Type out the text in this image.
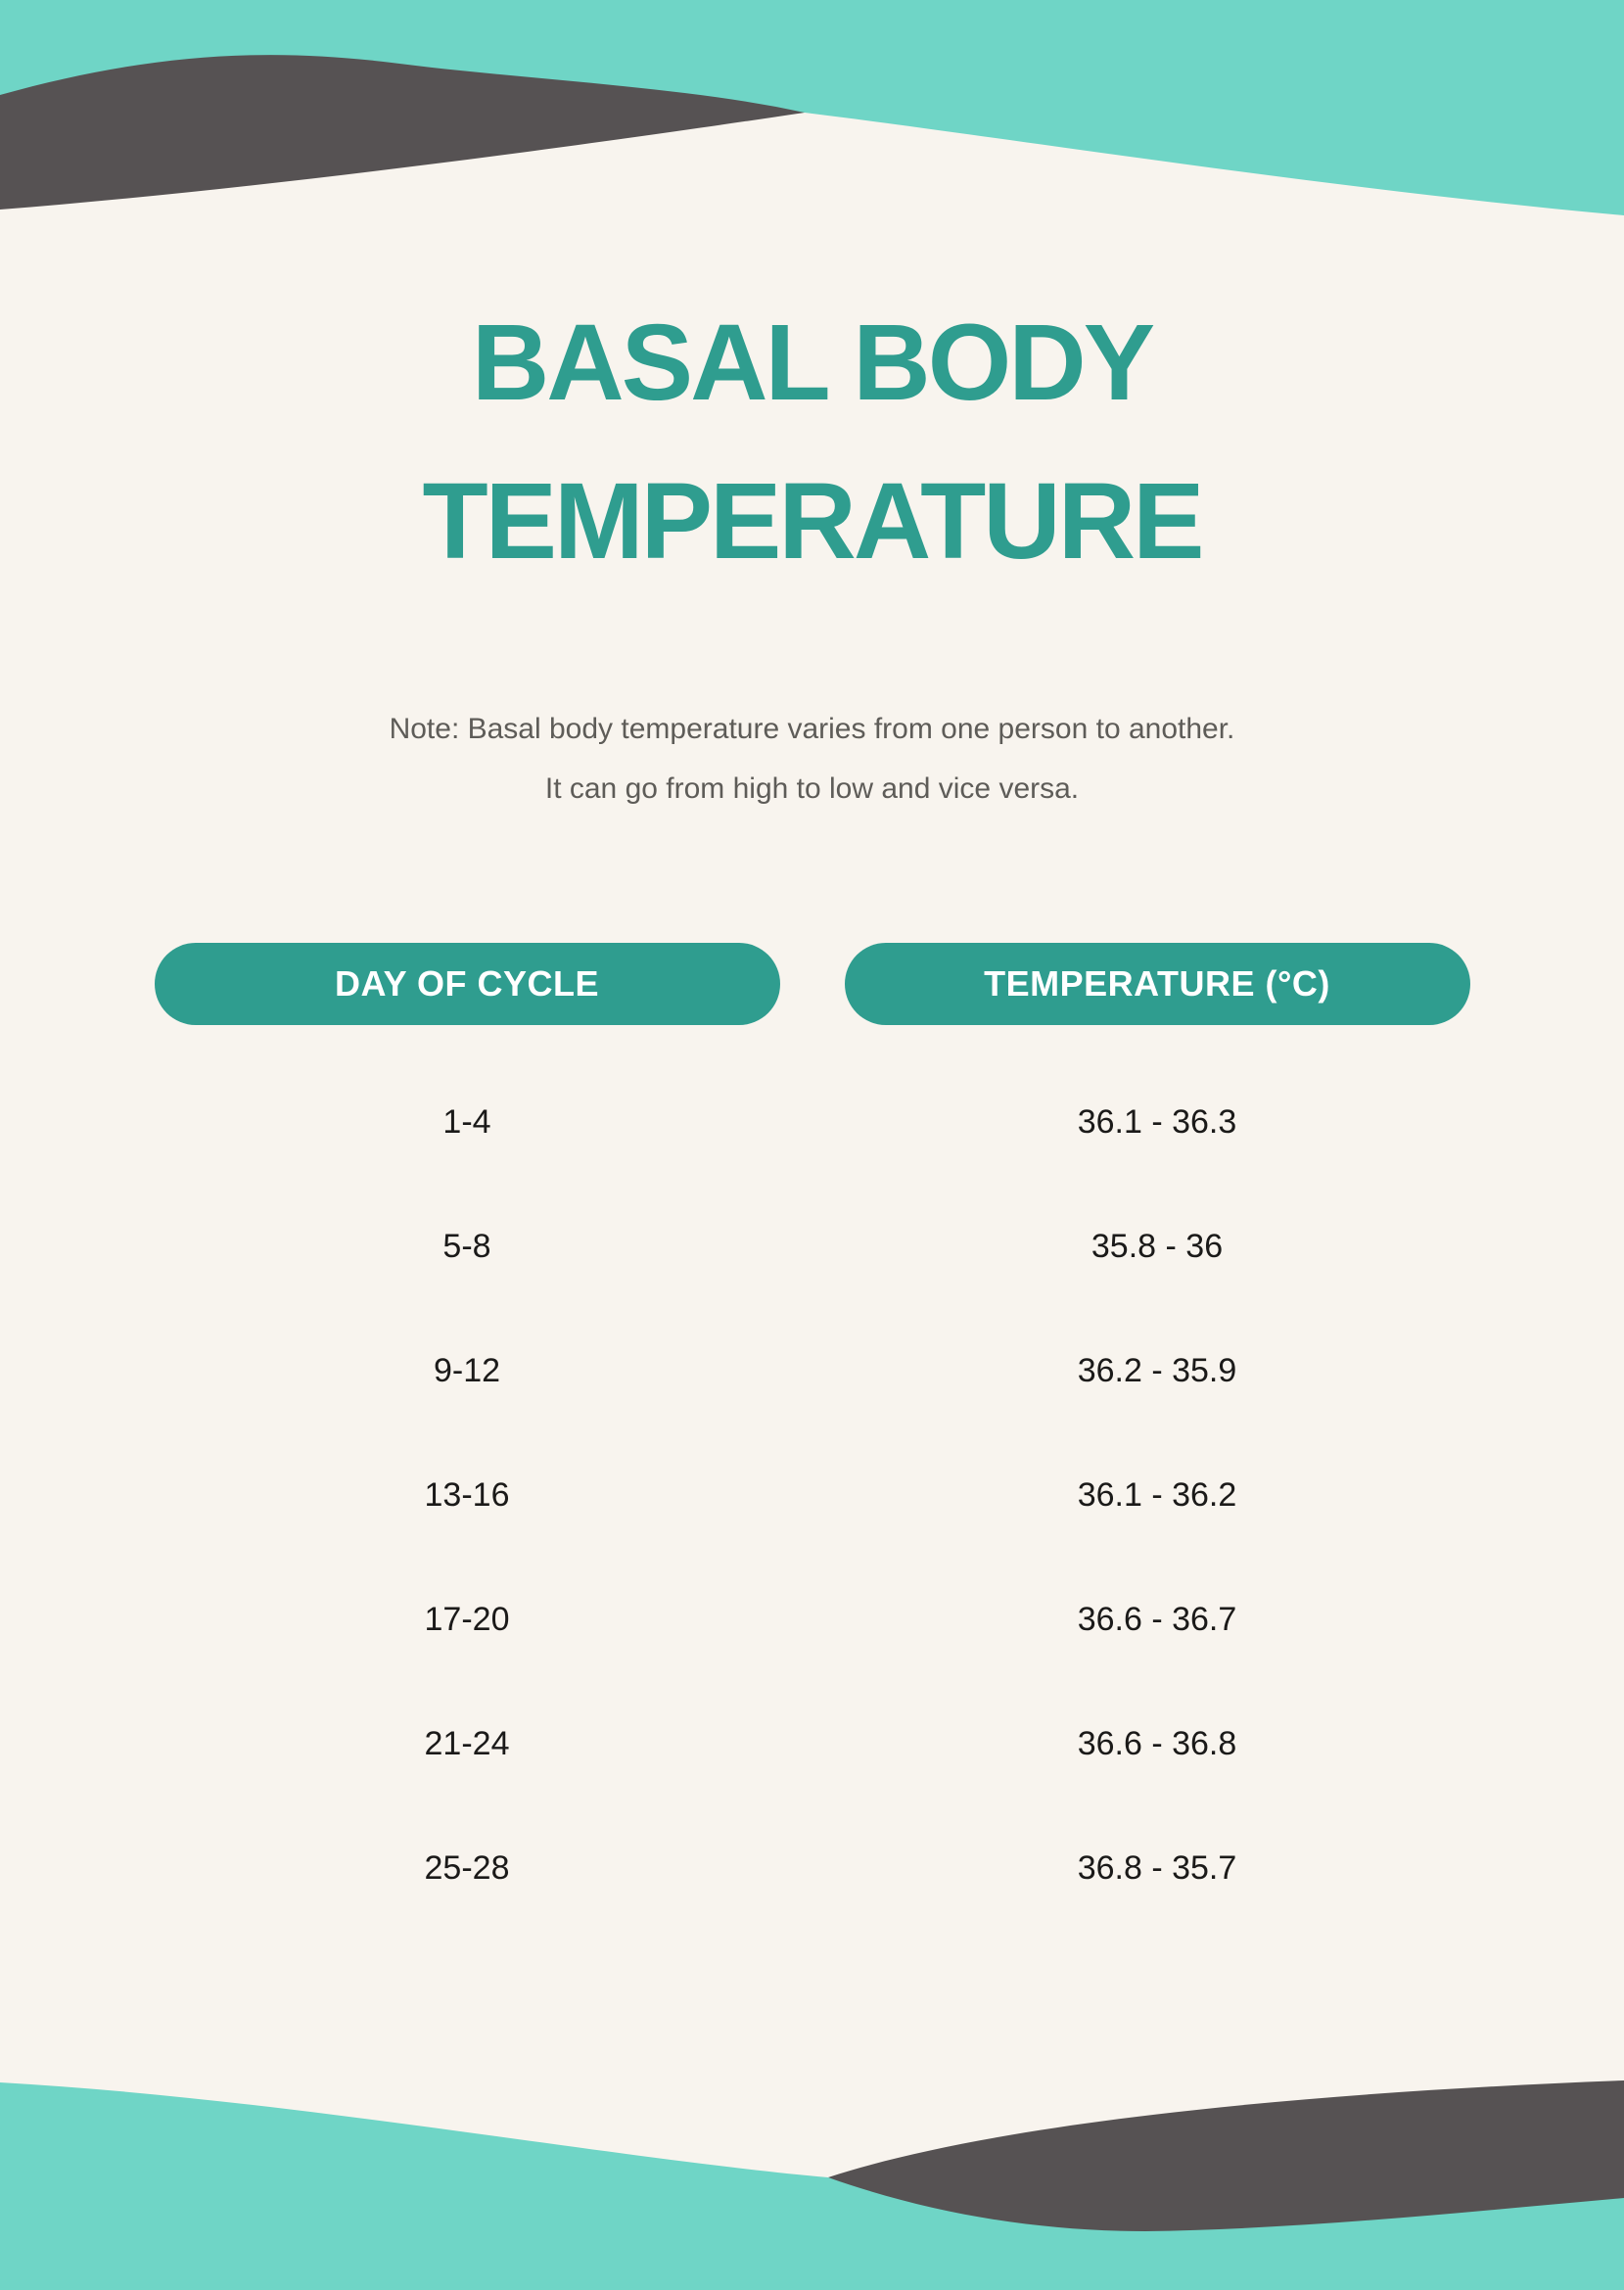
BASAL BODY TEMPERATURE
Note: Basal body temperature varies from one person to another.
It can go from high to low and vice versa.
DAY OF CYCLE	TEMPERATURE (°C)
1-4	36.1 - 36.3
5-8	35.8 - 36
9-12	36.2 - 35.9
13-16	36.1 - 36.2
17-20	36.6 - 36.7
21-24	36.6 - 36.8
25-28	36.8 - 35.7
